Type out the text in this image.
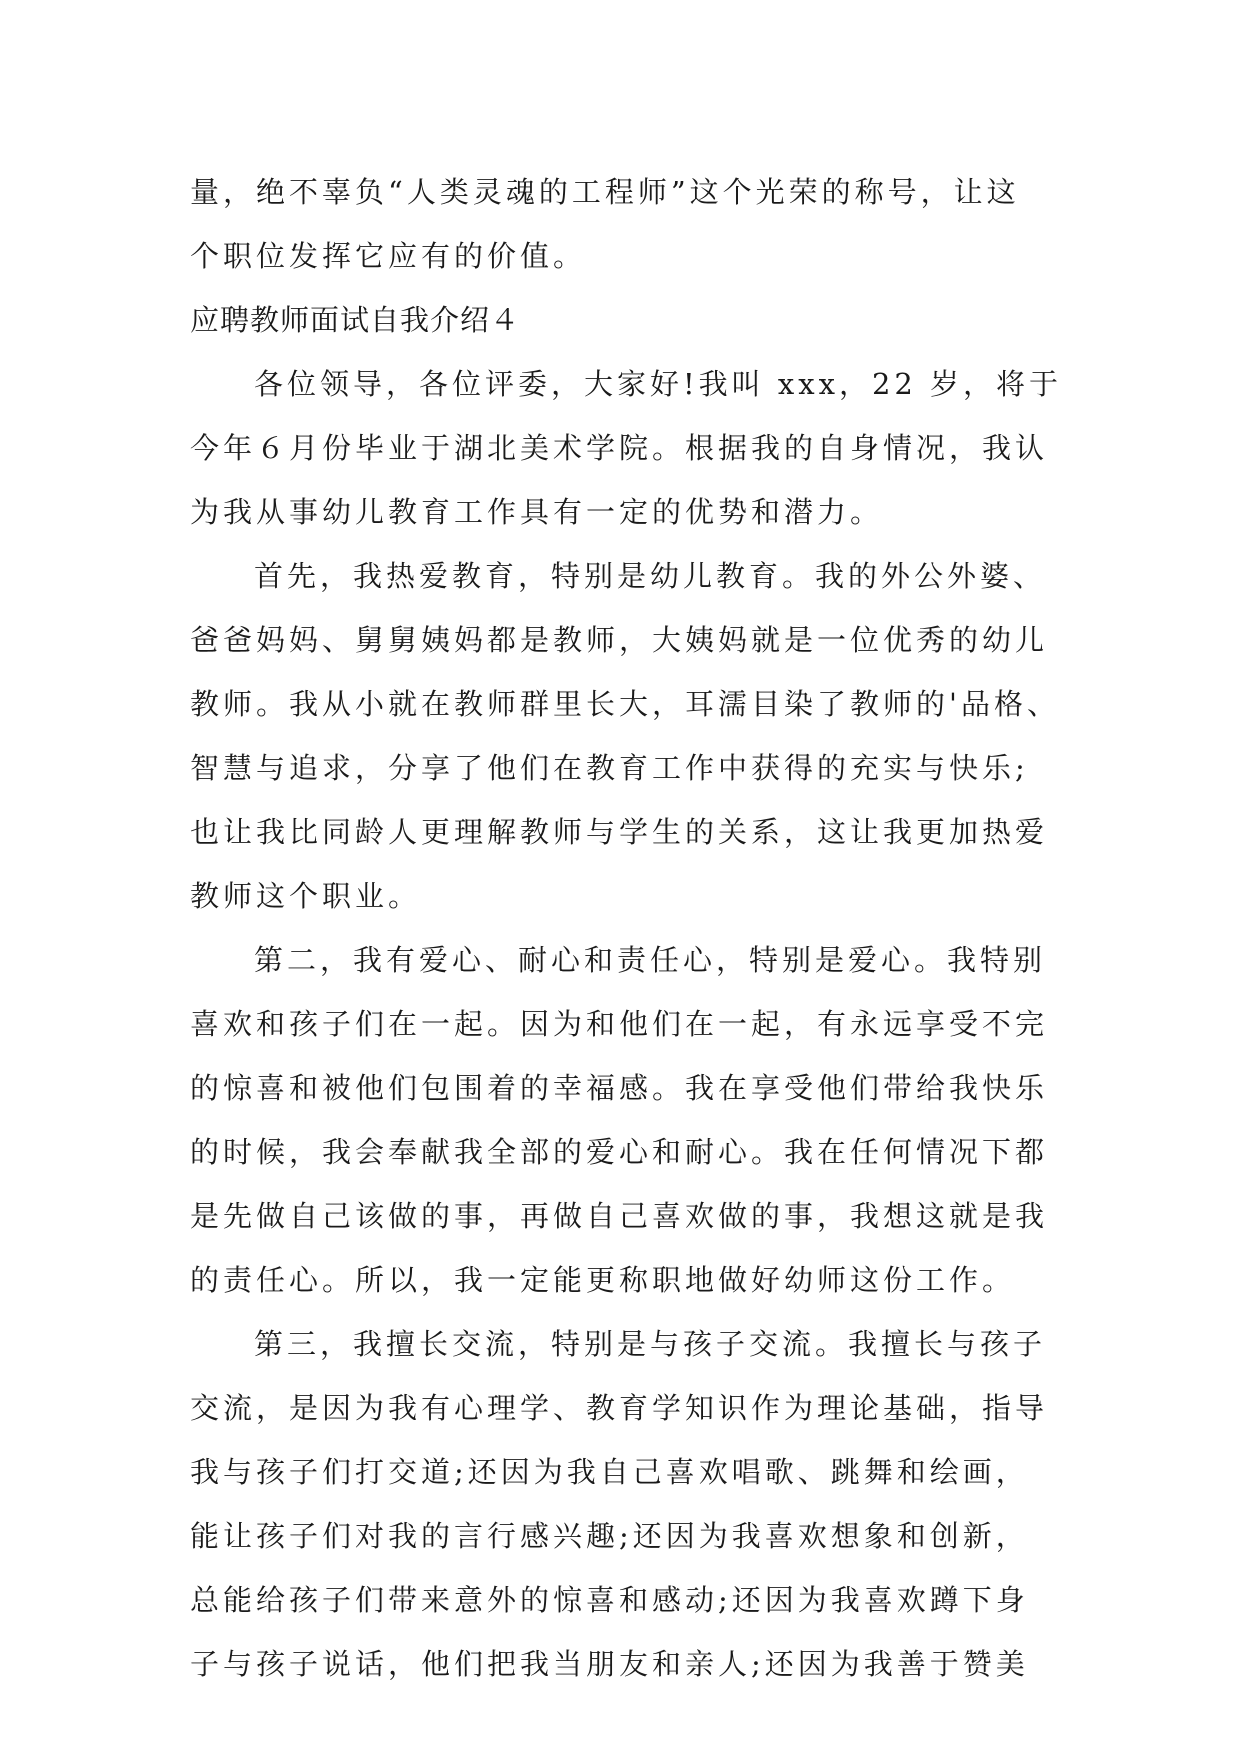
量，绝不辜负“人类灵魂的工程师”这个光荣的称号，让这
个职位发挥它应有的价值。
应聘教师面试自我介绍４
各位领导，各位评委，大家好!我叫 xxx，22 岁，将于
今年６月份毕业于湖北美术学院。根据我的自身情况，我认
为我从事幼儿教育工作具有一定的优势和潜力。
首先，我热爱教育，特别是幼儿教育。我的外公外婆、
爸爸妈妈、舅舅姨妈都是教师，大姨妈就是一位优秀的幼儿
教师。我从小就在教师群里长大，耳濡目染了教师的'品格、
智慧与追求，分享了他们在教育工作中获得的充实与快乐;
也让我比同龄人更理解教师与学生的关系，这让我更加热爱
教师这个职业。
第二，我有爱心、耐心和责任心，特别是爱心。我特别
喜欢和孩子们在一起。因为和他们在一起，有永远享受不完
的惊喜和被他们包围着的幸福感。我在享受他们带给我快乐
的时候，我会奉献我全部的爱心和耐心。我在任何情况下都
是先做自己该做的事，再做自己喜欢做的事，我想这就是我
的责任心。所以，我一定能更称职地做好幼师这份工作。
第三，我擅长交流，特别是与孩子交流。我擅长与孩子
交流，是因为我有心理学、教育学知识作为理论基础，指导
我与孩子们打交道;还因为我自己喜欢唱歌、跳舞和绘画，
能让孩子们对我的言行感兴趣;还因为我喜欢想象和创新，
总能给孩子们带来意外的惊喜和感动;还因为我喜欢蹲下身
子与孩子说话，他们把我当朋友和亲人;还因为我善于赞美
